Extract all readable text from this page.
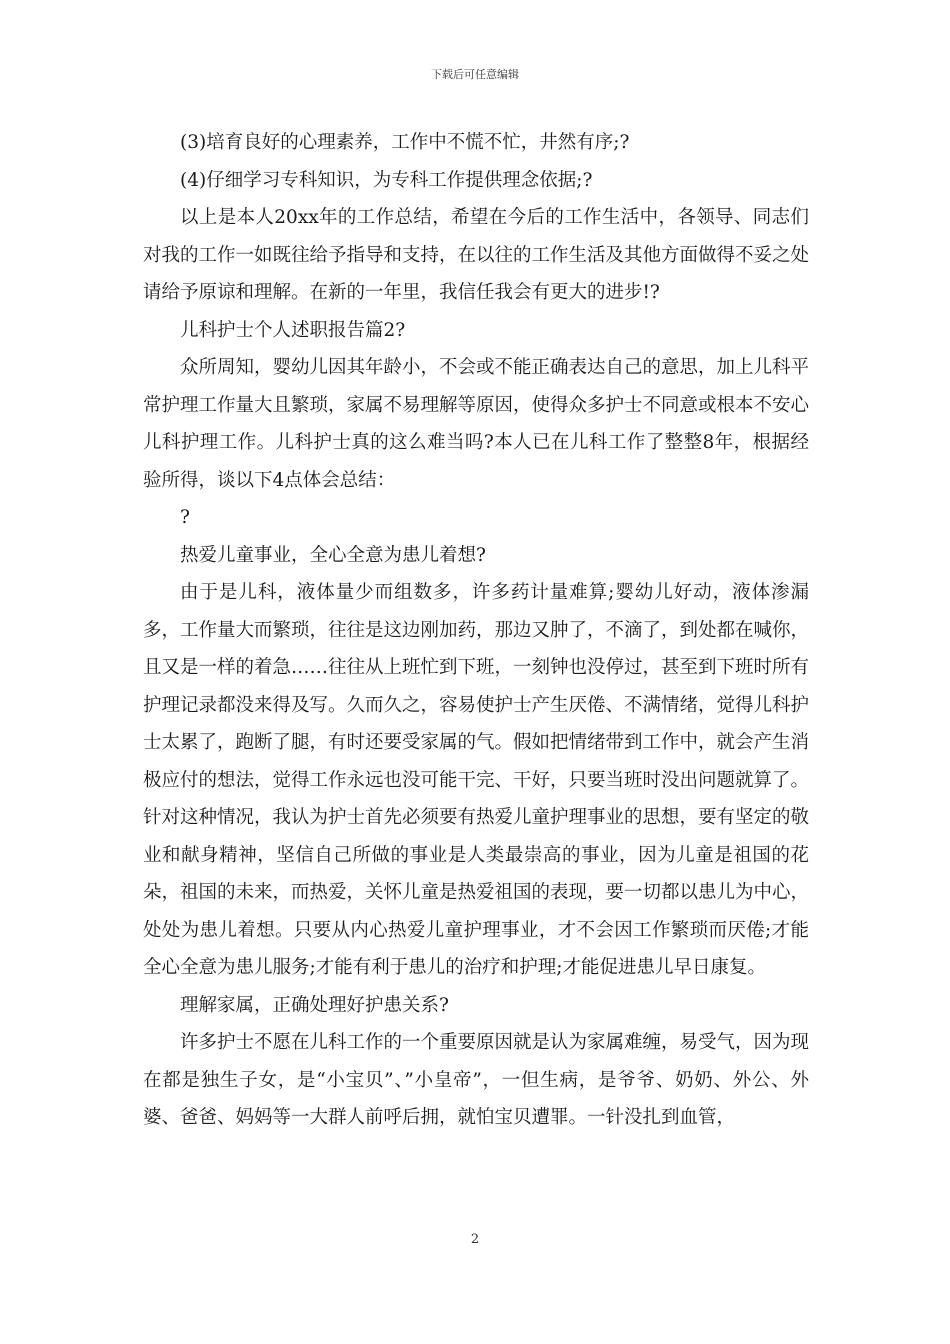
下载后可任意编辑

(3)培育良好的心理素养，工作中不慌不忙，井然有序;?

(4)仔细学习专科知识，为专科工作提供理念依据;?

以上是本人20xx年的工作总结，希望在今后的工作生活中，各领导、同志们对我的工作一如既往给予指导和支持，在以往的工作生活及其他方面做得不妥之处请给予原谅和理解。在新的一年里，我信任我会有更大的进步!?

儿科护士个人述职报告篇2?

众所周知，婴幼儿因其年龄小，不会或不能正确表达自己的意思，加上儿科平常护理工作量大且繁琐，家属不易理解等原因，使得众多护士不同意或根本不安心儿科护理工作。儿科护士真的这么难当吗?本人已在儿科工作了整整8年，根据经验所得，谈以下4点体会总结：

?

热爱儿童事业，全心全意为患儿着想?

由于是儿科，液体量少而组数多，许多药计量难算;婴幼儿好动，液体渗漏多，工作量大而繁琐，往往是这边刚加药，那边又肿了，不滴了，到处都在喊你，且又是一样的着急……往往从上班忙到下班，一刻钟也没停过，甚至到下班时所有护理记录都没来得及写。久而久之，容易使护士产生厌倦、不满情绪，觉得儿科护士太累了，跑断了腿，有时还要受家属的气。假如把情绪带到工作中，就会产生消极应付的想法，觉得工作永远也没可能干完、干好，只要当班时没出问题就算了。针对这种情况，我认为护士首先必须要有热爱儿童护理事业的思想，要有坚定的敬业和献身精神，坚信自己所做的事业是人类最崇高的事业，因为儿童是祖国的花朵，祖国的未来，而热爱，关怀儿童是热爱祖国的表现，要一切都以患儿为中心，处处为患儿着想。只要从内心热爱儿童护理事业，才不会因工作繁琐而厌倦;才能全心全意为患儿服务;才能有利于患儿的治疗和护理;才能促进患儿早日康复。

理解家属，正确处理好护患关系?

许多护士不愿在儿科工作的一个重要原因就是认为家属难缠，易受气，因为现在都是独生子女，是“小宝贝”、”小皇帝”，一但生病，是爷爷、奶奶、外公、外婆、爸爸、妈妈等一大群人前呼后拥，就怕宝贝遭罪。一针没扎到血管，

2
